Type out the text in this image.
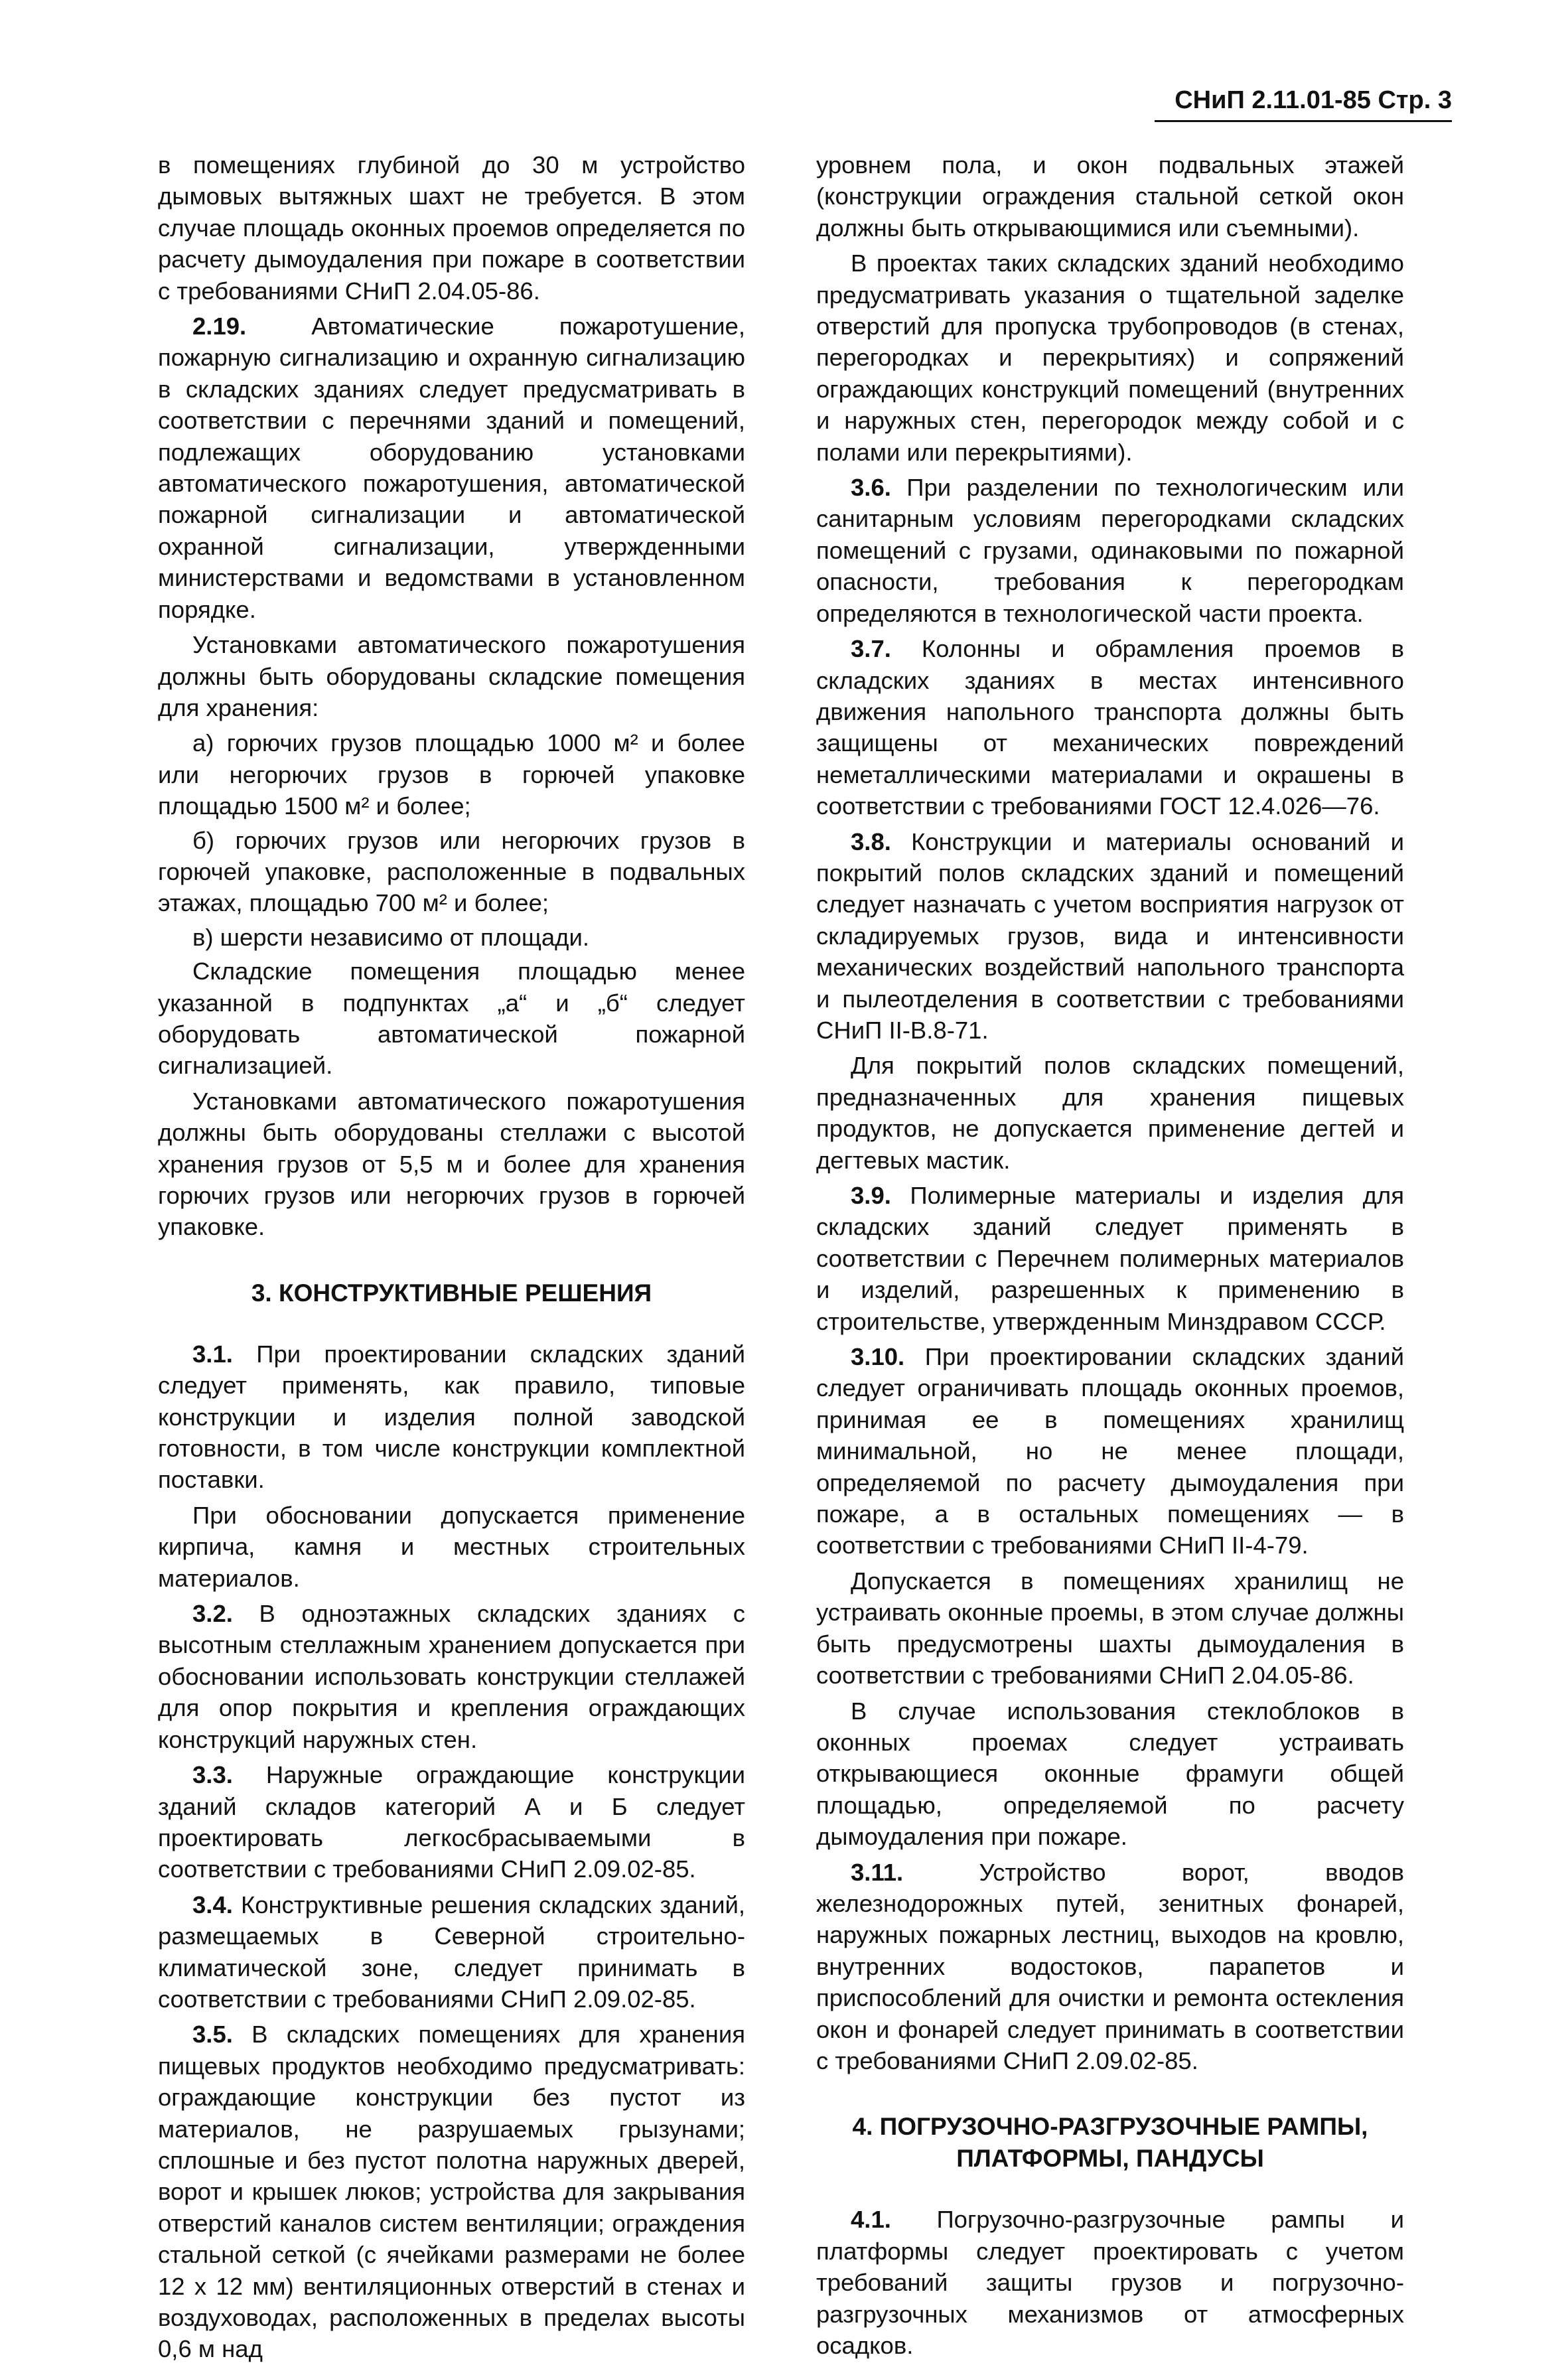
СНиП 2.11.01-85 Стр. 3

в помещениях глубиной до 30 м устройство дымовых вытяжных шахт не требуется. В этом случае площадь оконных проемов определяется по расчету дымоудаления при пожаре в соответствии с требованиями СНиП 2.04.05-86.

2.19. Автоматические пожаротушение, пожарную сигнализацию и охранную сигнализацию в складских зданиях следует предусматривать в соответствии с перечнями зданий и помещений, подлежащих оборудованию установками автоматического пожаротушения, автоматической пожарной сигнализации и автоматической охранной сигнализации, утвержденными министерствами и ведомствами в установленном порядке.

Установками автоматического пожаротушения должны быть оборудованы складские помещения для хранения:

а) горючих грузов площадью 1000 м² и более или негорючих грузов в горючей упаковке площадью 1500 м² и более;

б) горючих грузов или негорючих грузов в горючей упаковке, расположенные в подвальных этажах, площадью 700 м² и более;

в) шерсти независимо от площади.

Складские помещения площадью менее указанной в подпунктах „а“ и „б“ следует оборудовать автоматической пожарной сигнализацией.

Установками автоматического пожаротушения должны быть оборудованы стеллажи с высотой хранения грузов от 5,5 м и более для хранения горючих грузов или негорючих грузов в горючей упаковке.

3. КОНСТРУКТИВНЫЕ РЕШЕНИЯ

3.1. При проектировании складских зданий следует применять, как правило, типовые конструкции и изделия полной заводской готовности, в том числе конструкции комплектной поставки.

При обосновании допускается применение кирпича, камня и местных строительных материалов.

3.2. В одноэтажных складских зданиях с высотным стеллажным хранением допускается при обосновании использовать конструкции стеллажей для опор покрытия и крепления ограждающих конструкций наружных стен.

3.3. Наружные ограждающие конструкции зданий складов категорий А и Б следует проектировать легкосбрасываемыми в соответствии с требованиями СНиП 2.09.02-85.

3.4. Конструктивные решения складских зданий, размещаемых в Северной строительно-климатической зоне, следует принимать в соответствии с требованиями СНиП 2.09.02-85.

3.5. В складских помещениях для хранения пищевых продуктов необходимо предусматривать: ограждающие конструкции без пустот из материалов, не разрушаемых грызунами; сплошные и без пустот полотна наружных дверей, ворот и крышек люков; устройства для закрывания отверстий каналов систем вентиляции; ограждения стальной сеткой (с ячейками размерами не более 12 х 12 мм) вентиляционных отверстий в стенах и воздуховодах, расположенных в пределах высоты 0,6 м над

уровнем пола, и окон подвальных этажей (конструкции ограждения стальной сеткой окон должны быть открывающимися или съемными).

В проектах таких складских зданий необходимо предусматривать указания о тщательной заделке отверстий для пропуска трубопроводов (в стенах, перегородках и перекрытиях) и сопряжений ограждающих конструкций помещений (внутренних и наружных стен, перегородок между собой и с полами или перекрытиями).

3.6. При разделении по технологическим или санитарным условиям перегородками складских помещений с грузами, одинаковыми по пожарной опасности, требования к перегородкам определяются в технологической части проекта.

3.7. Колонны и обрамления проемов в складских зданиях в местах интенсивного движения напольного транспорта должны быть защищены от механических повреждений неметаллическими материалами и окрашены в соответствии с требованиями ГОСТ 12.4.026—76.

3.8. Конструкции и материалы оснований и покрытий полов складских зданий и помещений следует назначать с учетом восприятия нагрузок от складируемых грузов, вида и интенсивности механических воздействий напольного транспорта и пылеотделения в соответствии с требованиями СНиП II-В.8-71.

Для покрытий полов складских помещений, предназначенных для хранения пищевых продуктов, не допускается применение дегтей и дегтевых мастик.

3.9. Полимерные материалы и изделия для складских зданий следует применять в соответствии с Перечнем полимерных материалов и изделий, разрешенных к применению в строительстве, утвержденным Минздравом СССР.

3.10. При проектировании складских зданий следует ограничивать площадь оконных проемов, принимая ее в помещениях хранилищ минимальной, но не менее площади, определяемой по расчету дымоудаления при пожаре, а в остальных помещениях — в соответствии с требованиями СНиП II-4-79.

Допускается в помещениях хранилищ не устраивать оконные проемы, в этом случае должны быть предусмотрены шахты дымоудаления в соответствии с требованиями СНиП 2.04.05-86.

В случае использования стеклоблоков в оконных проемах следует устраивать открывающиеся оконные фрамуги общей площадью, определяемой по расчету дымоудаления при пожаре.

3.11. Устройство ворот, вводов железнодорожных путей, зенитных фонарей, наружных пожарных лестниц, выходов на кровлю, внутренних водостоков, парапетов и приспособлений для очистки и ремонта остекления окон и фонарей следует принимать в соответствии с требованиями СНиП 2.09.02-85.

4. ПОГРУЗОЧНО-РАЗГРУЗОЧНЫЕ РАМПЫ, ПЛАТФОРМЫ, ПАНДУСЫ

4.1. Погрузочно-разгрузочные рампы и платформы следует проектировать с учетом требований защиты грузов и погрузочно-разгрузочных механизмов от атмосферных осадков.
